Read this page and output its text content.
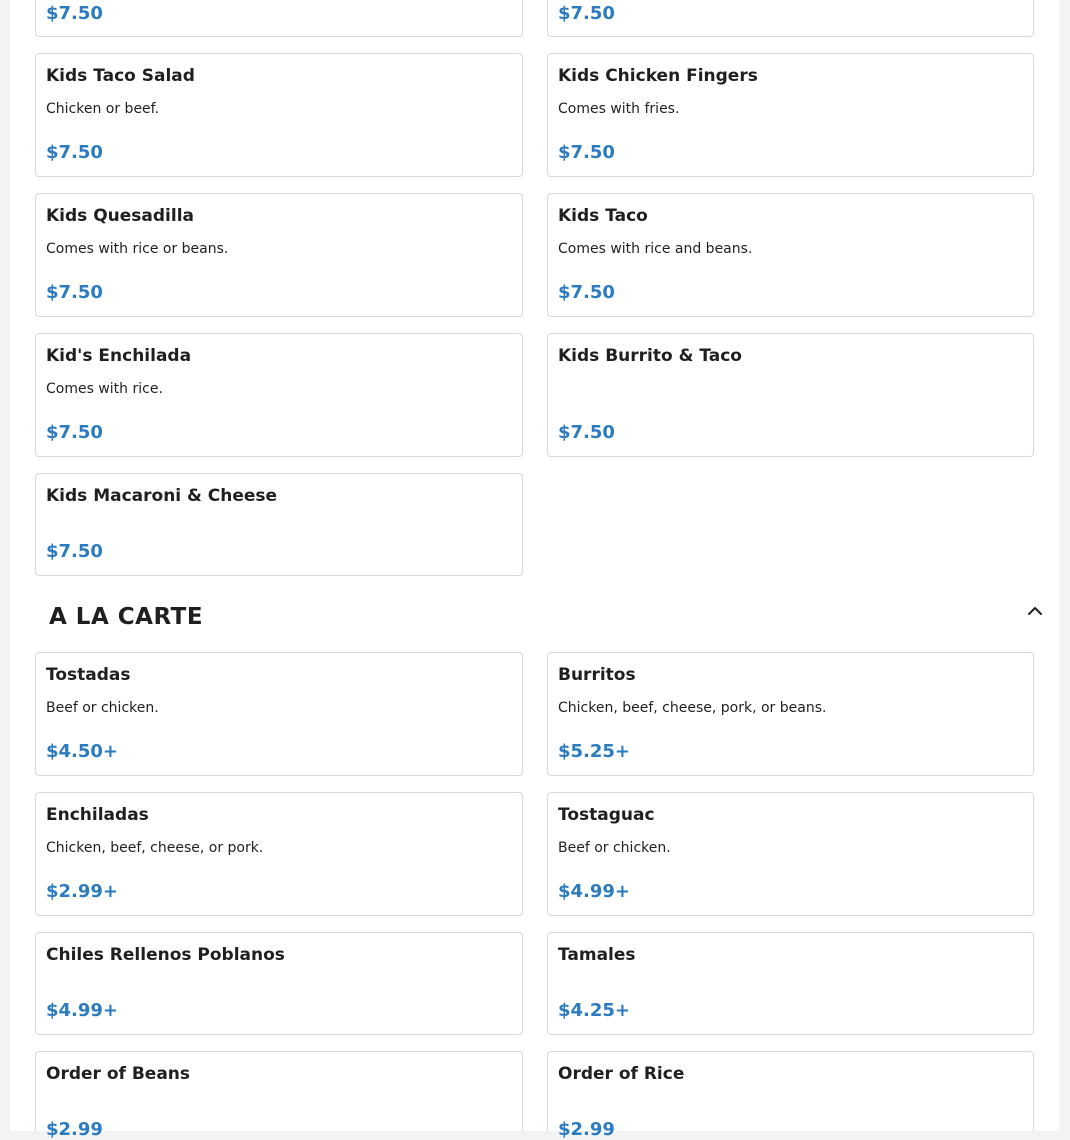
$7.50	$7.50
Kids Taco Salad
Chicken or beef.
$7.50
Kids Chicken Fingers
Comes with fries.
$7.50
Kids Quesadilla
Comes with rice or beans.
$7.50
Kids Taco
Comes with rice and beans.
$7.50
Kid's Enchilada
Comes with rice.
$7.50
Kids Burrito & Taco
$7.50
Kids Macaroni & Cheese
$7.50
A LA CARTE
Tostadas
Beef or chicken.
$4.50+
Burritos
Chicken, beef, cheese, pork, or beans.
$5.25+
Enchiladas
Chicken, beef, cheese, or pork.
$2.99+
Tostaguac
Beef or chicken.
$4.99+
Chiles Rellenos Poblanos
$4.99+
Tamales
$4.25+
Order of Beans
$2.99
Order of Rice
$2.99
